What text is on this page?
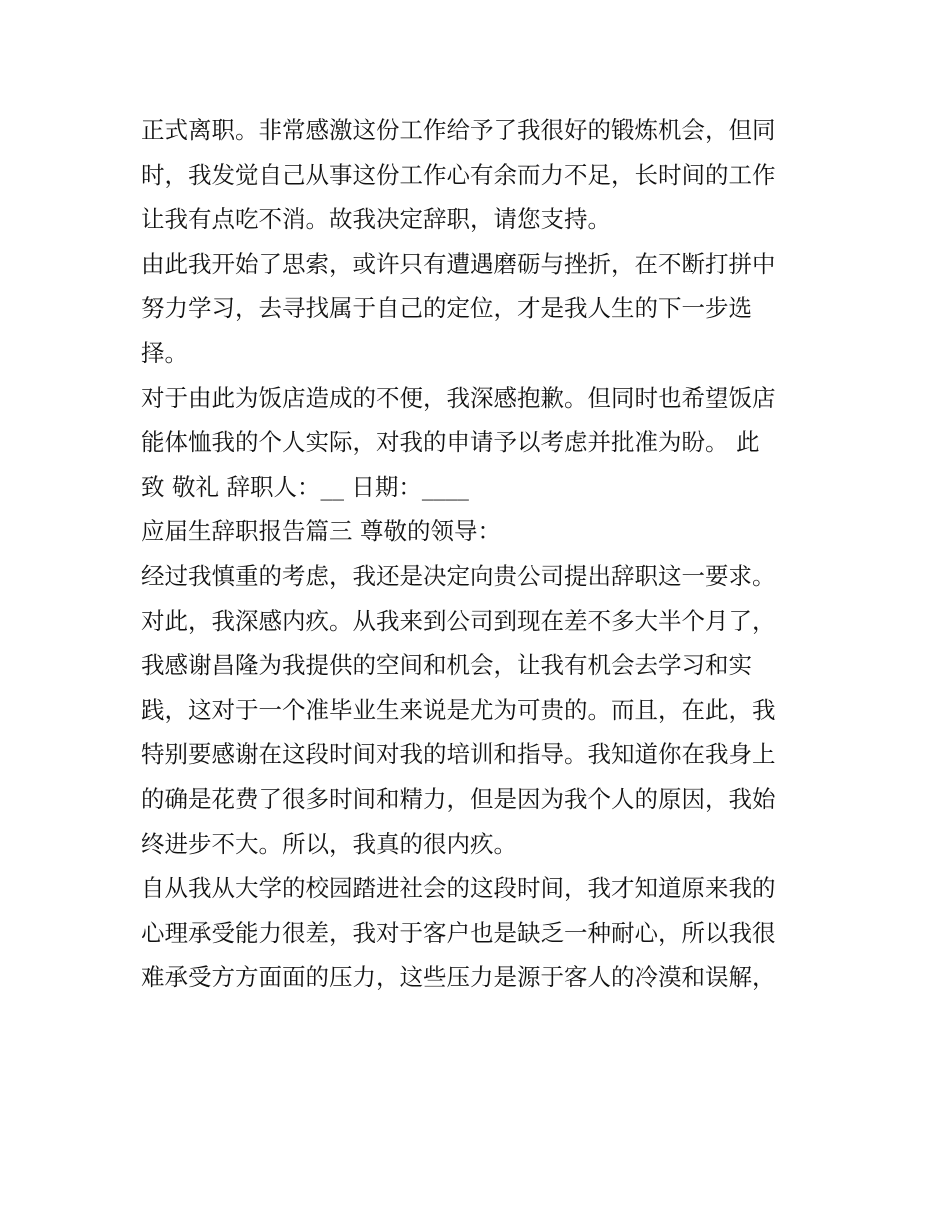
正式离职。非常感激这份工作给予了我很好的锻炼机会，但同
时，我发觉自己从事这份工作心有余而力不足，长时间的工作
让我有点吃不消。故我决定辞职，请您支持。
由此我开始了思索，或许只有遭遇磨砺与挫折，在不断打拼中
努力学习，去寻找属于自己的定位，才是我人生的下一步选
择。
对于由此为饭店造成的不便，我深感抱歉。但同时也希望饭店
能体恤我的个人实际，对我的申请予以考虑并批准为盼。 此
致 敬礼 辞职人：__ 日期：____
应届生辞职报告篇三 尊敬的领导：
经过我慎重的考虑，我还是决定向贵公司提出辞职这一要求。
对此，我深感内疚。从我来到公司到现在差不多大半个月了，
我感谢昌隆为我提供的空间和机会，让我有机会去学习和实
践，这对于一个准毕业生来说是尤为可贵的。而且，在此，我
特别要感谢在这段时间对我的培训和指导。我知道你在我身上
的确是花费了很多时间和精力，但是因为我个人的原因，我始
终进步不大。所以，我真的很内疚。
自从我从大学的校园踏进社会的这段时间，我才知道原来我的
心理承受能力很差，我对于客户也是缺乏一种耐心，所以我很
难承受方方面面的压力，这些压力是源于客人的冷漠和误解，
